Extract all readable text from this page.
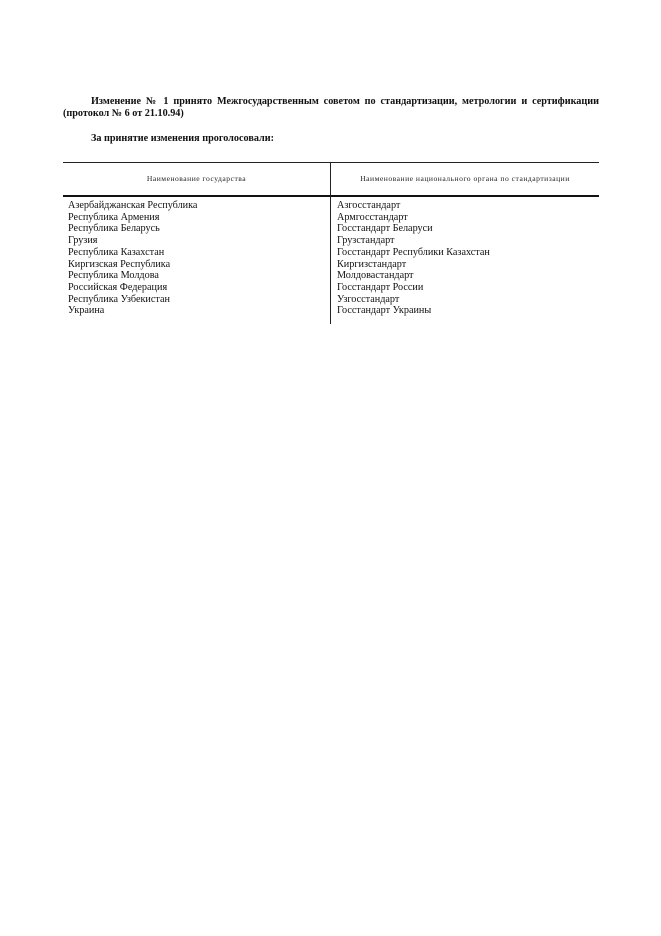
Изменение № 1 принято Межгосударственным советом по стандартизации, метрологии и сертификации (протокол № 6 от 21.10.94)
За принятие изменения проголосовали:
Наименование государства	Наименование национального органа по стандартизации
Азербайджанская Республика
Республика Армения
Республика Беларусь
Грузия
Республика Казахстан
Киргизская Республика
Республика Молдова
Российская Федерация
Республика Узбекистан
Украина
Азгосстандарт
Армгосстандарт
Госстандарт Беларуси
Грузстандарт
Госстандарт Республики Казахстан
Киргизстандарт
Молдовастандарт
Госстандарт России
Узгосстандарт
Госстандарт Украины
